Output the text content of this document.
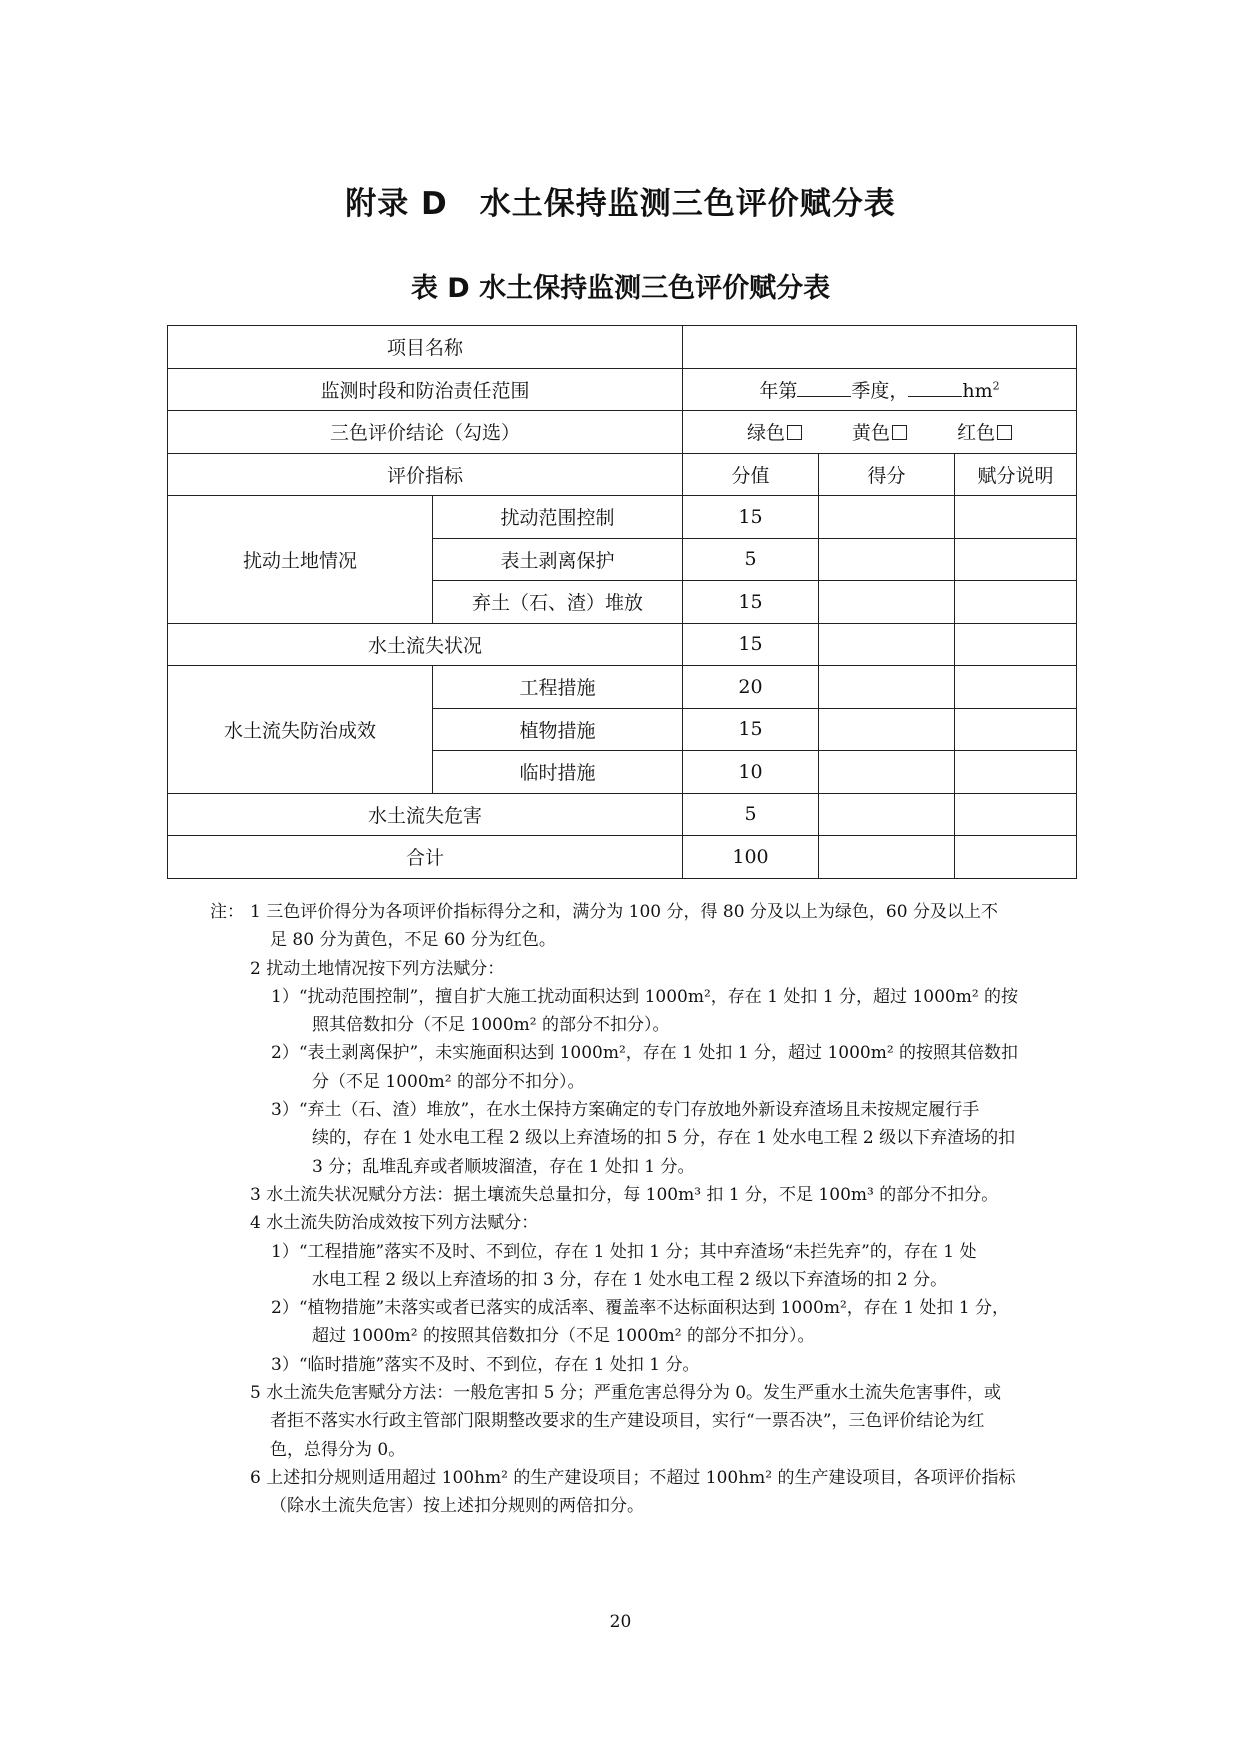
附录 D　水土保持监测三色评价赋分表
表 D 水土保持监测三色评价赋分表
项目名称				
监测时段和防治责任范围		年第 季度， $hm^2$
三色评价结论（勾选）		绿色 黄色 红色		
评价指标		分值	得分	赋分说明
扰动土地情况	扰动范围控制	15		
	表土剥离保护	5		
	弃土（石、渣）堆放	15		
水土流失状况		15		
水土流失防治成效	工程措施	20		
	植物措施	15		
	临时措施	10		
水土流失危害		5		
合计		100		
注： 1 三色评价得分为各项评价指标得分之和，满分为 100 分，得 80 分及以上为绿色，60 分及以上不
足 80 分为黄色，不足 60 分为红色。
2 扰动土地情况按下列方法赋分：
1）“扰动范围控制”，擅自扩大施工扰动面积达到 1000m²，存在 1 处扣 1 分，超过 1000m² 的按
照其倍数扣分（不足 1000m² 的部分不扣分）。
2）“表土剥离保护”，未实施面积达到 1000m²，存在 1 处扣 1 分，超过 1000m² 的按照其倍数扣
分（不足 1000m² 的部分不扣分）。
3）“弃土（石、渣）堆放”，在水土保持方案确定的专门存放地外新设弃渣场且未按规定履行手
续的，存在 1 处水电工程 2 级以上弃渣场的扣 5 分，存在 1 处水电工程 2 级以下弃渣场的扣
3 分；乱堆乱弃或者顺坡溜渣，存在 1 处扣 1 分。
3 水土流失状况赋分方法：据土壤流失总量扣分，每 100m³ 扣 1 分，不足 100m³ 的部分不扣分。
4 水土流失防治成效按下列方法赋分：
1）“工程措施”落实不及时、不到位，存在 1 处扣 1 分；其中弃渣场“未拦先弃”的，存在 1 处
水电工程 2 级以上弃渣场的扣 3 分，存在 1 处水电工程 2 级以下弃渣场的扣 2 分。
2）“植物措施”未落实或者已落实的成活率、覆盖率不达标面积达到 1000m²，存在 1 处扣 1 分，
超过 1000m² 的按照其倍数扣分（不足 1000m² 的部分不扣分）。
3）“临时措施”落实不及时、不到位，存在 1 处扣 1 分。
5 水土流失危害赋分方法：一般危害扣 5 分；严重危害总得分为 0。发生严重水土流失危害事件，或
者拒不落实水行政主管部门限期整改要求的生产建设项目，实行“一票否决”，三色评价结论为红
色，总得分为 0。
6 上述扣分规则适用超过 100hm² 的生产建设项目；不超过 100hm² 的生产建设项目，各项评价指标
（除水土流失危害）按上述扣分规则的两倍扣分。
20
